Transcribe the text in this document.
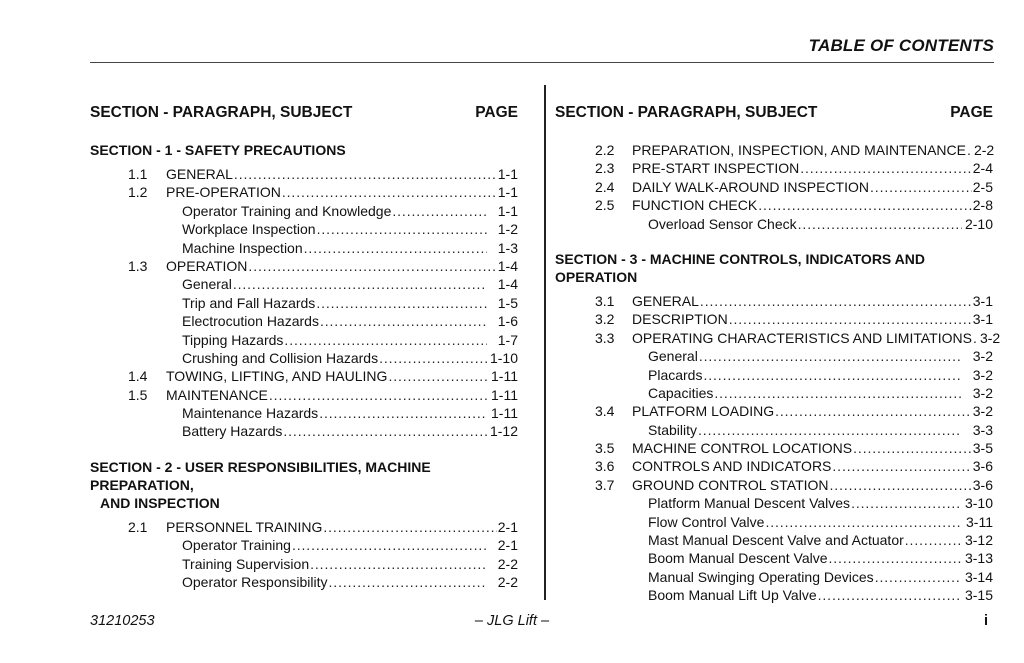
TABLE OF CONTENTS
SECTION - PARAGRAPH, SUBJECT	PAGE
SECTION - 1 - SAFETY PRECAUTIONS
1.1	GENERAL . . .	1-1
1.2	PRE-OPERATION . . .	1-1
Operator Training and Knowledge . . .	1-1
Workplace Inspection . . .	1-2
Machine Inspection . . .	1-3
1.3	OPERATION . . .	1-4
General . . .	1-4
Trip and Fall Hazards . . .	1-5
Electrocution Hazards . . .	1-6
Tipping Hazards . . .	1-7
Crushing and Collision Hazards . . .	1-10
1.4	TOWING, LIFTING, AND HAULING . . .	1-11
1.5	MAINTENANCE . . .	1-11
Maintenance Hazards . . .	1-11
Battery Hazards . . .	1-12
SECTION - 2 - USER RESPONSIBILITIES, MACHINE PREPARATION,
AND INSPECTION
2.1	PERSONNEL TRAINING . . .	2-1
Operator Training . . .	2-1
Training Supervision . . .	2-2
Operator Responsibility . . .	2-2
SECTION - PARAGRAPH, SUBJECT	PAGE
2.2	PREPARATION, INSPECTION, AND MAINTENANCE . . . 2-2
2.3	PRE-START INSPECTION . . .	2-4
2.4	DAILY WALK-AROUND INSPECTION . . .	2-5
2.5	FUNCTION CHECK . . .	2-8
Overload Sensor Check . . .	2-10
SECTION - 3 - MACHINE CONTROLS, INDICATORS AND OPERATION
3.1	GENERAL . . .	3-1
3.2	DESCRIPTION . . .	3-1
3.3	OPERATING CHARACTERISTICS AND LIMITATIONS . . . 3-2
General . . .	3-2
Placards . . .	3-2
Capacities . . .	3-2
3.4	PLATFORM LOADING . . .	3-2
Stability . . .	3-3
3.5	MACHINE CONTROL LOCATIONS . . .	3-5
3.6	CONTROLS AND INDICATORS . . .	3-6
3.7	GROUND CONTROL STATION . . .	3-6
Platform Manual Descent Valves . . .	3-10
Flow Control Valve . . .	3-11
Mast Manual Descent Valve and Actuator . . .	3-12
Boom Manual Descent Valve . . .	3-13
Manual Swinging Operating Devices . . .	3-14
Boom Manual Lift Up Valve . . .	3-15
31210253	– JLG Lift –	i
